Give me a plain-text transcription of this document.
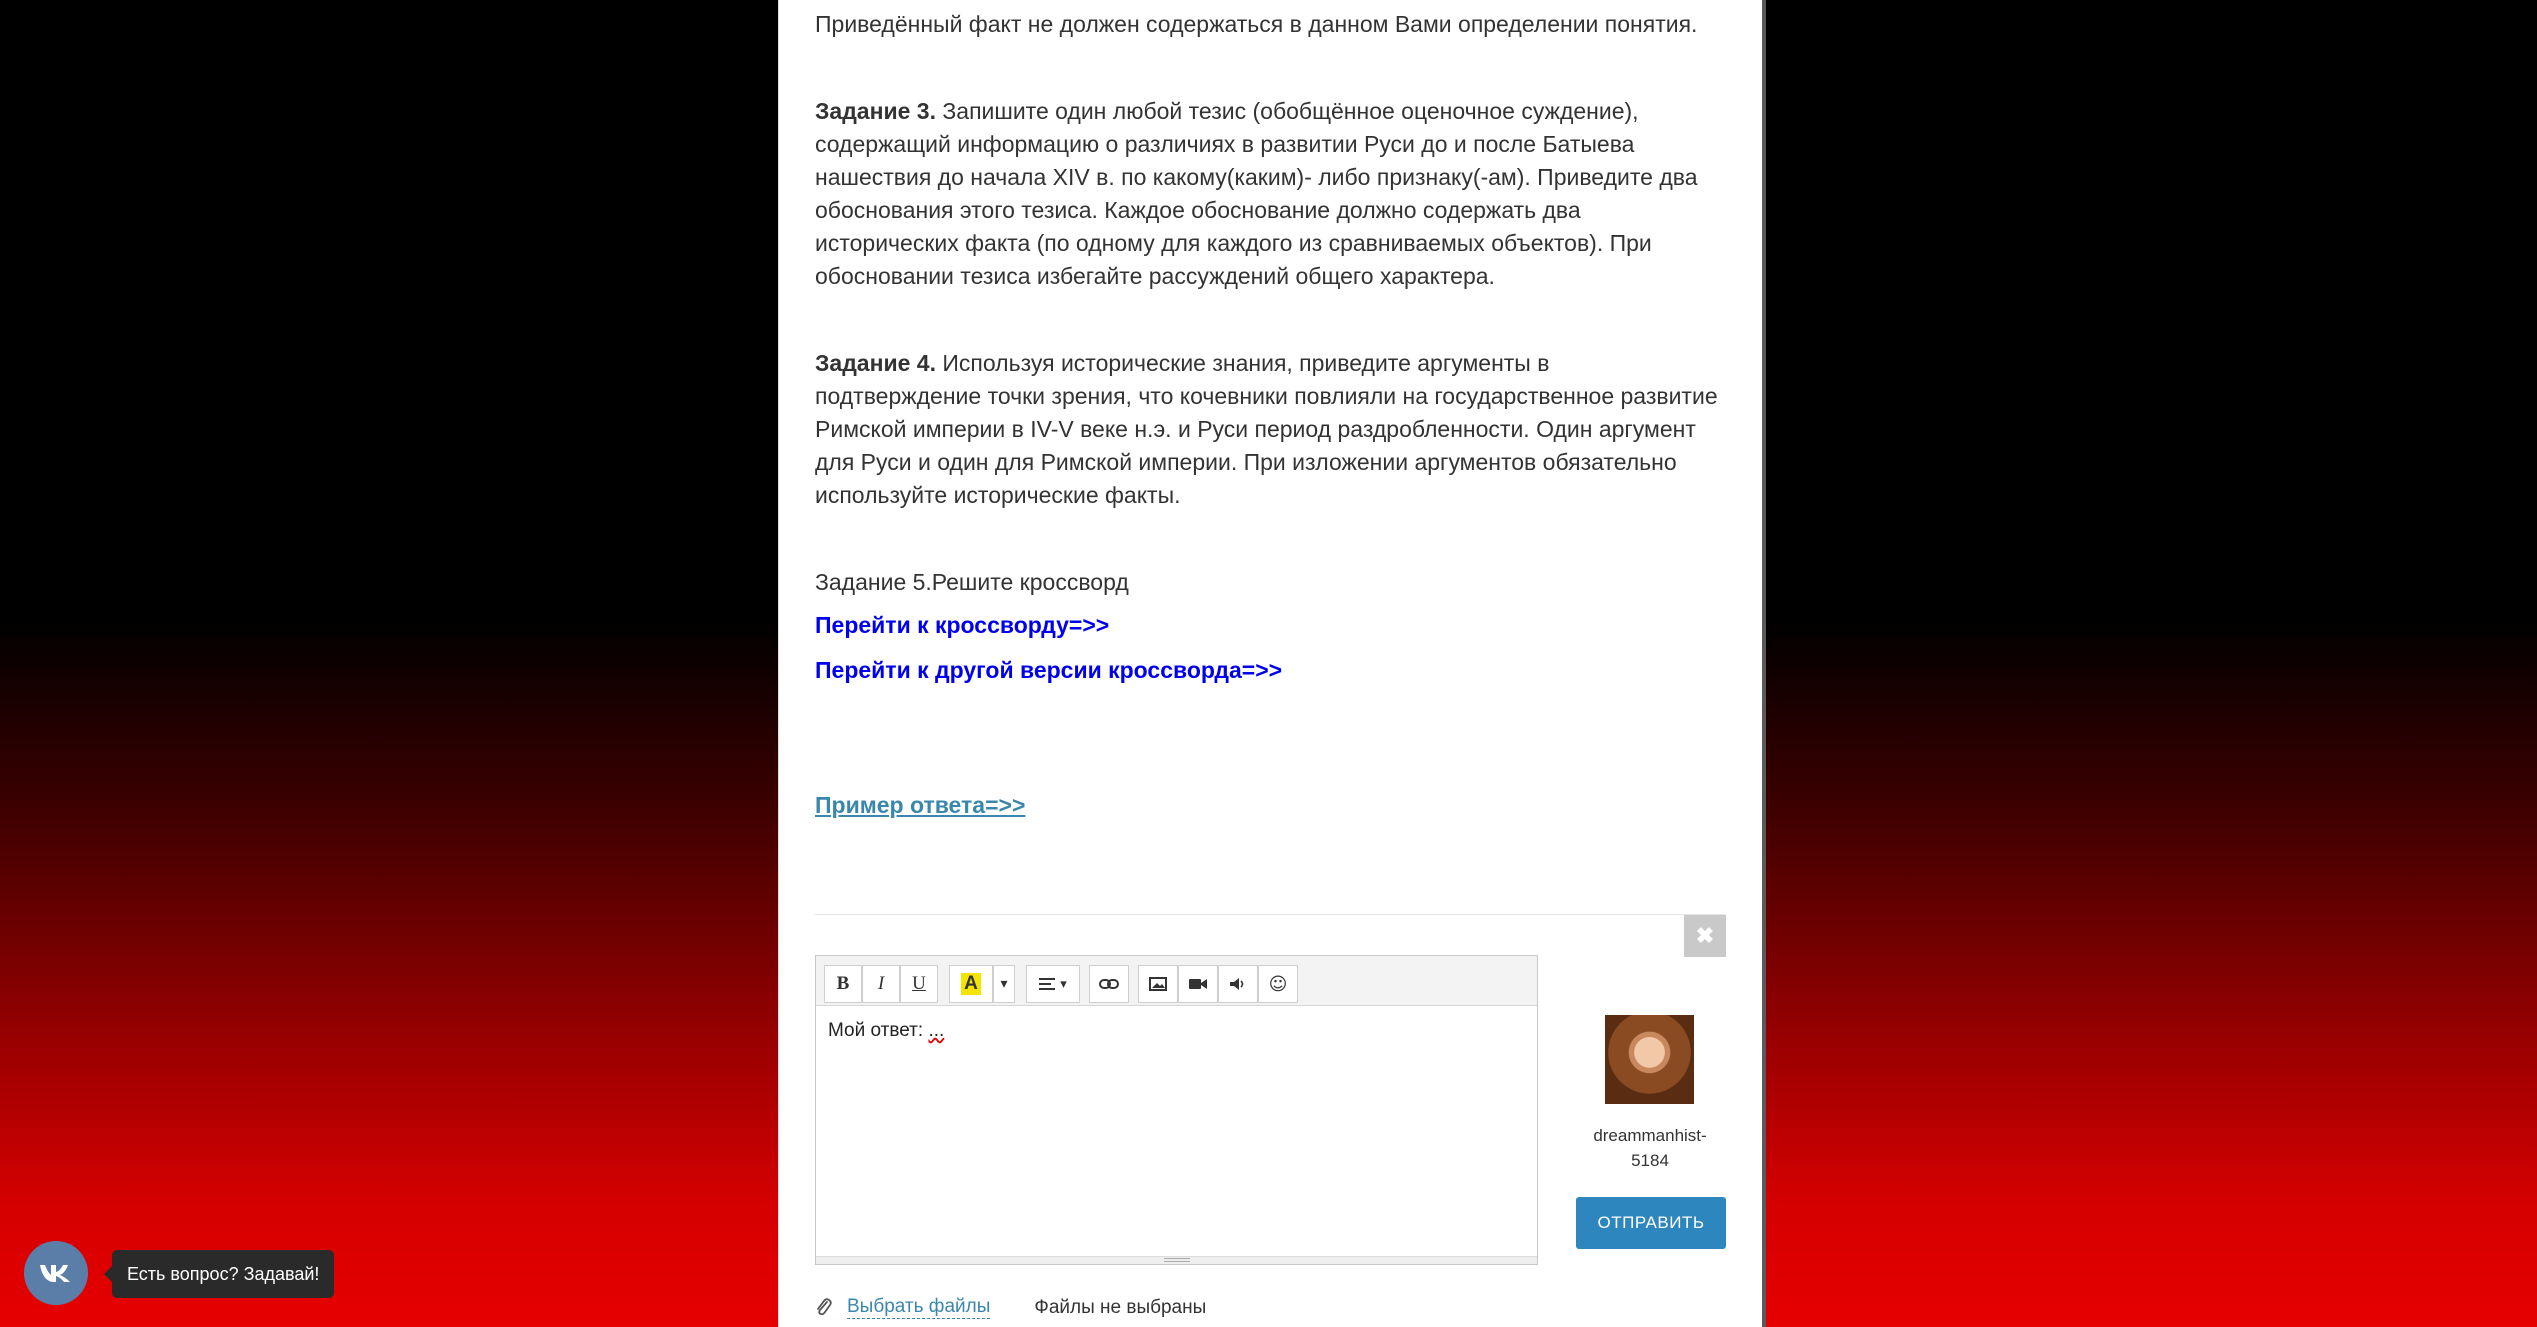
Приведённый факт не должен содержаться в данном Вами определении понятия.

Задание 3. Запишите один любой тезис (обобщённое оценочное суждение), содержащий информацию о различиях в развитии Руси до и после Батыева нашествия до начала XIV в. по какому(каким)- либо признаку(-ам). Приведите два обоснования этого тезиса. Каждое обоснование должно содержать два исторических факта (по одному для каждого из сравниваемых объектов). При обосновании тезиса избегайте рассуждений общего характера.

Задание 4. Используя исторические знания, приведите аргументы в подтверждение точки зрения, что кочевники повлияли на государственное развитие Римской империи в IV-V веке н.э. и Руси период раздробленности. Один аргумент для Руси и один для Римской империи. При изложении аргументов обязательно используйте исторические факты.

Задание 5.Решите кроссворд

Перейти к кроссворду=>>
Перейти к другой версии кроссворда=>>
Пример ответа=>>
✖
B	I	U	A	▾	▾	☺
Мой ответ: ...
dreammanhist-5184
ОТПРАВИТЬ
Выбрать файлы Файлы не выбраны
Есть вопрос? Задавай!
